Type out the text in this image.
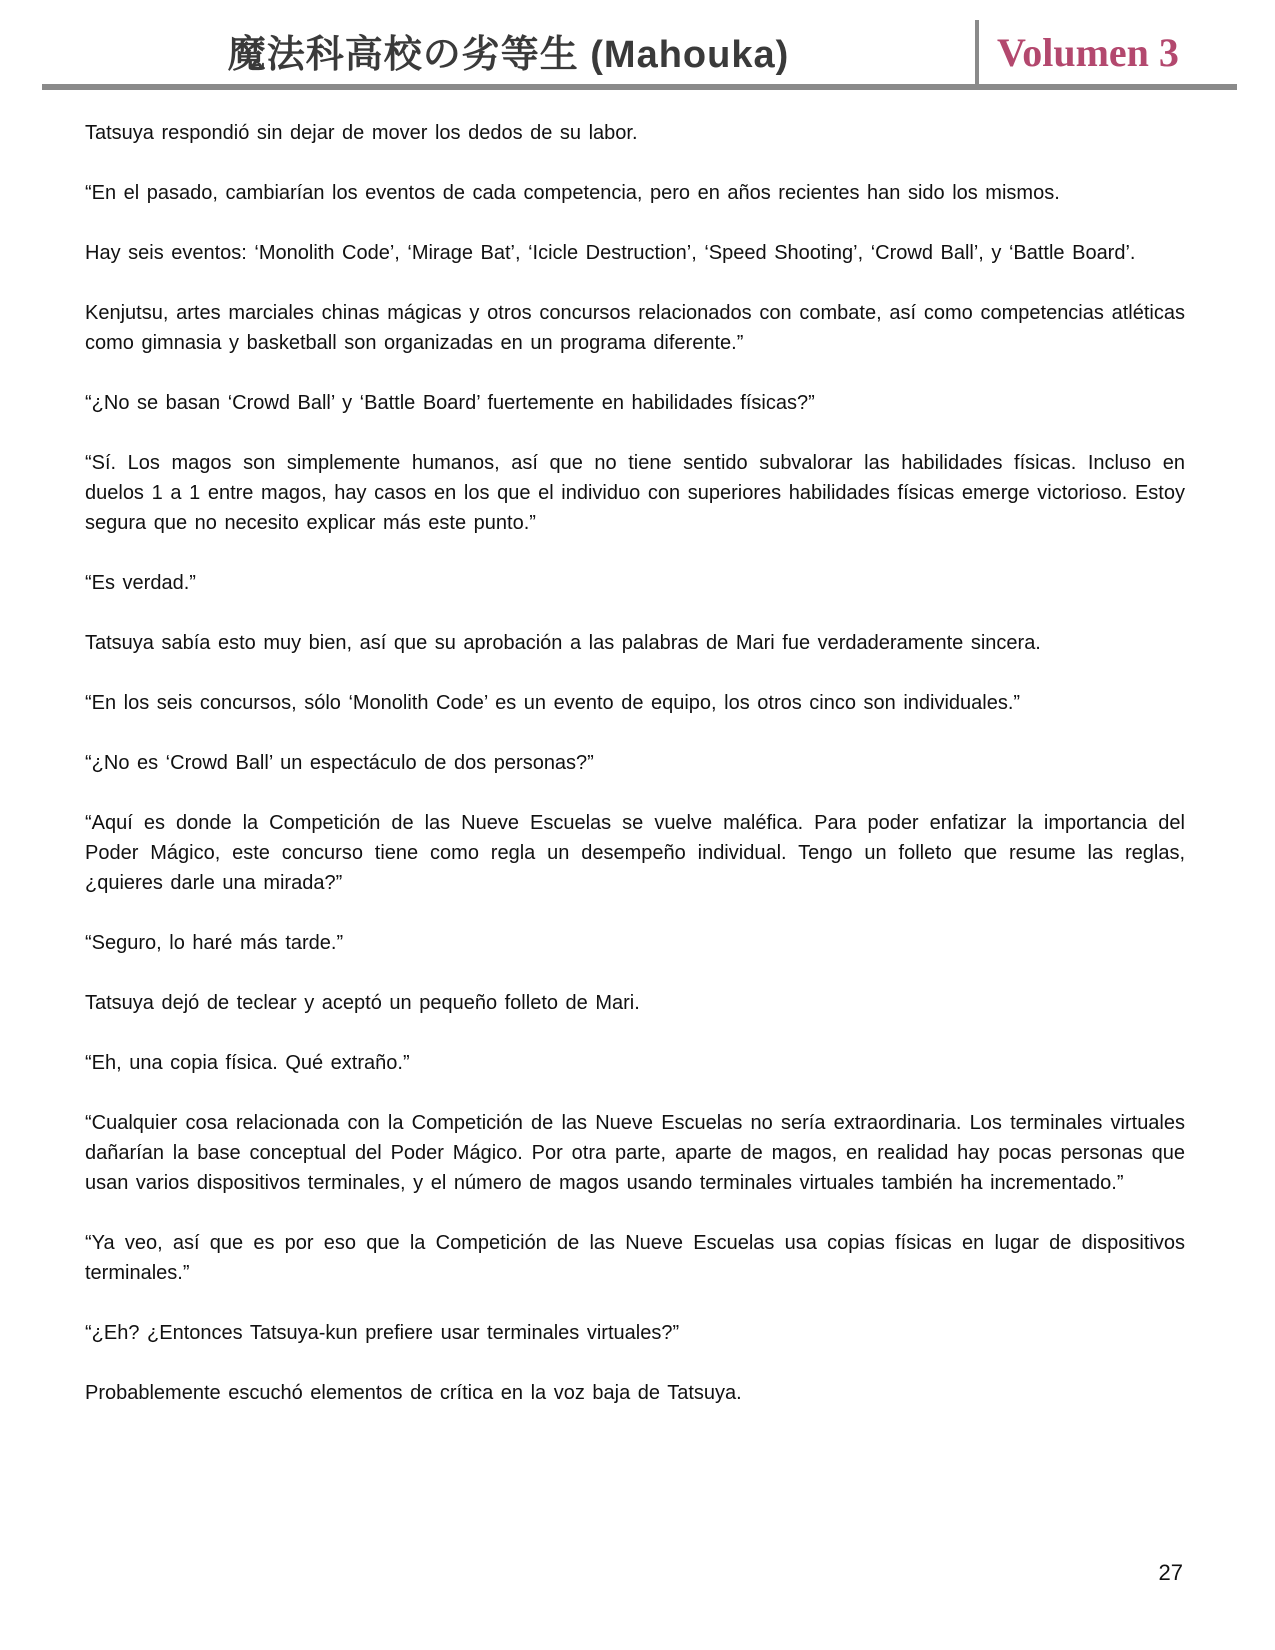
魔法科高校の劣等生 (Mahouka)	Volumen 3

Tatsuya respondió sin dejar de mover los dedos de su labor.

“En el pasado, cambiarían los eventos de cada competencia, pero en años recientes han sido los mismos.

Hay seis eventos: ‘Monolith Code’, ‘Mirage Bat’, ‘Icicle Destruction’, ‘Speed Shooting’, ‘Crowd Ball’, y ‘Battle Board’.

Kenjutsu, artes marciales chinas mágicas y otros concursos relacionados con combate, así como competencias atléticas como gimnasia y basketball son organizadas en un programa diferente.”

“¿No se basan ‘Crowd Ball’ y ‘Battle Board’ fuertemente en habilidades físicas?”

“Sí. Los magos son simplemente humanos, así que no tiene sentido subvalorar las habilidades físicas. Incluso en duelos 1 a 1 entre magos, hay casos en los que el individuo con superiores habilidades físicas emerge victorioso. Estoy segura que no necesito explicar más este punto.”

“Es verdad.”

Tatsuya sabía esto muy bien, así que su aprobación a las palabras de Mari fue verdaderamente sincera.

“En los seis concursos, sólo ‘Monolith Code’ es un evento de equipo, los otros cinco son individuales.”

“¿No es ‘Crowd Ball’ un espectáculo de dos personas?”

“Aquí es donde la Competición de las Nueve Escuelas se vuelve maléfica. Para poder enfatizar la importancia del Poder Mágico, este concurso tiene como regla un desempeño individual. Tengo un folleto que resume las reglas, ¿quieres darle una mirada?”

“Seguro, lo haré más tarde.”

Tatsuya dejó de teclear y aceptó un pequeño folleto de Mari.

“Eh, una copia física. Qué extraño.”

“Cualquier cosa relacionada con la Competición de las Nueve Escuelas no sería extraordinaria. Los terminales virtuales dañarían la base conceptual del Poder Mágico. Por otra parte, aparte de magos, en realidad hay pocas personas que usan varios dispositivos terminales, y el número de magos usando terminales virtuales también ha incrementado.”

“Ya veo, así que es por eso que la Competición de las Nueve Escuelas usa copias físicas en lugar de dispositivos terminales.”

“¿Eh? ¿Entonces Tatsuya-kun prefiere usar terminales virtuales?”

Probablemente escuchó elementos de crítica en la voz baja de Tatsuya.

27
